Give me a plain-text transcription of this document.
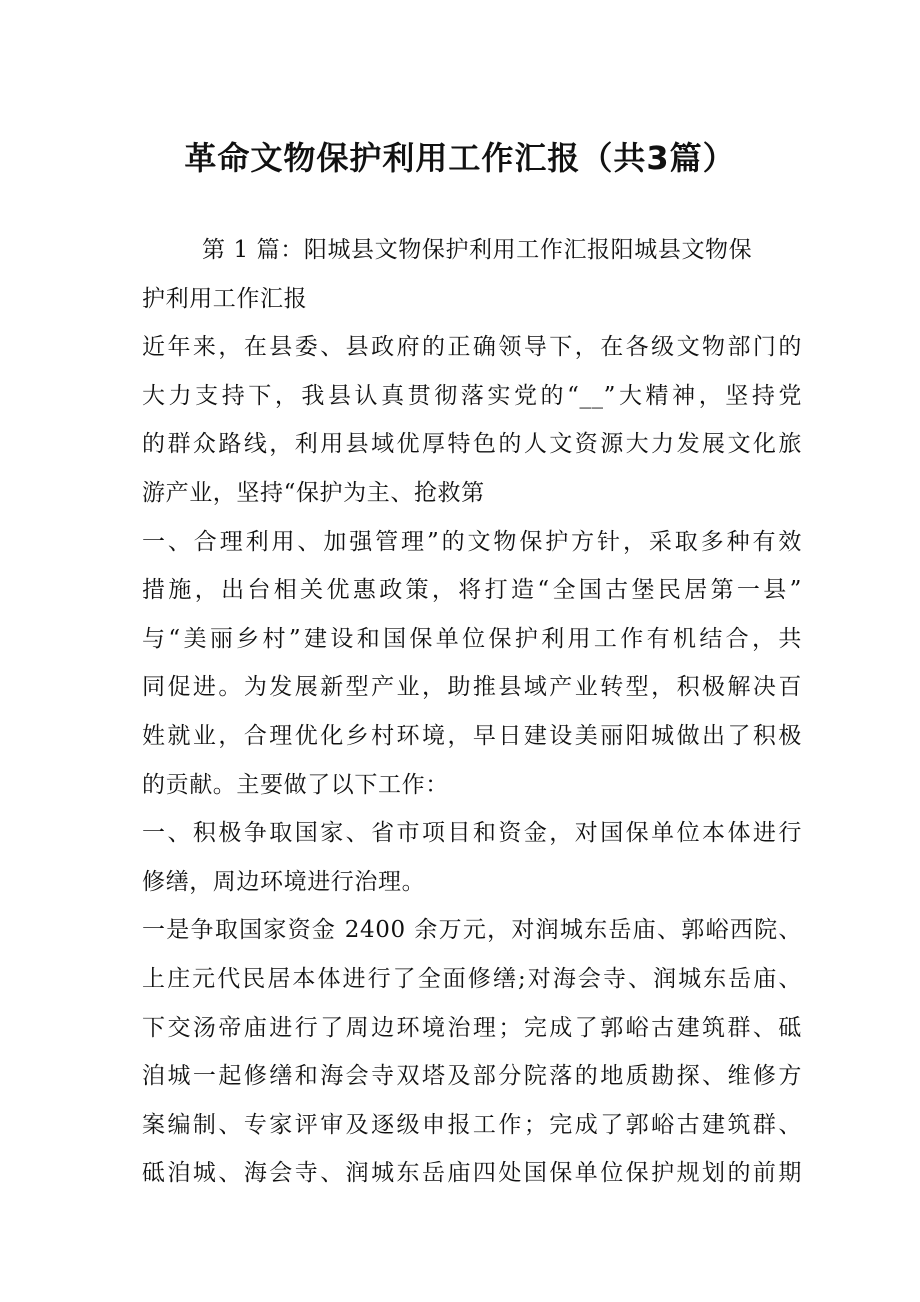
革命文物保护利用工作汇报（共3篇）
第 1 篇：阳城县文物保护利用工作汇报阳城县文物保
护利用工作汇报
近年来，在县委、县政府的正确领导下，在各级文物部门的
大力支持下，我县认真贯彻落实党的“__”大精神，坚持党
的群众路线，利用县域优厚特色的人文资源大力发展文化旅
游产业，坚持“保护为主、抢救第
一、合理利用、加强管理”的文物保护方针，采取多种有效
措施，出台相关优惠政策，将打造“全国古堡民居第一县”
与“美丽乡村”建设和国保单位保护利用工作有机结合，共
同促进。为发展新型产业，助推县域产业转型，积极解决百
姓就业，合理优化乡村环境，早日建设美丽阳城做出了积极
的贡献。主要做了以下工作：
一、积极争取国家、省市项目和资金，对国保单位本体进行
修缮，周边环境进行治理。
一是争取国家资金 2400 余万元，对润城东岳庙、郭峪西院、
上庄元代民居本体进行了全面修缮;对海会寺、润城东岳庙、
下交汤帝庙进行了周边环境治理；完成了郭峪古建筑群、砥
洎城一起修缮和海会寺双塔及部分院落的地质勘探、维修方
案编制、专家评审及逐级申报工作；完成了郭峪古建筑群、
砥洎城、海会寺、润城东岳庙四处国保单位保护规划的前期
